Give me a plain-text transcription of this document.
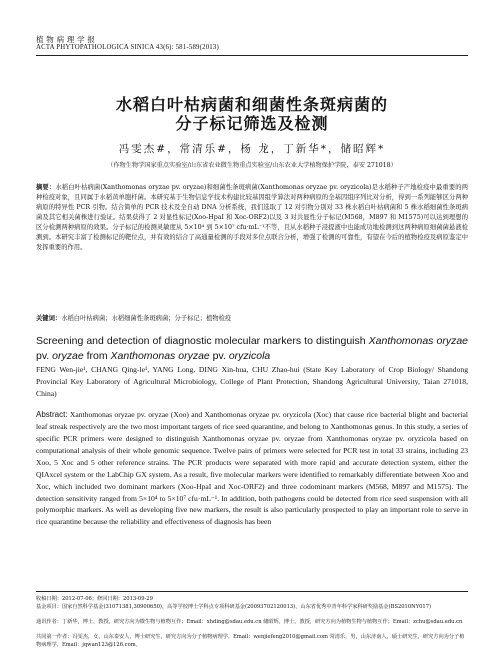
植 物 病 理 学 报
ACTA PHYTOPATHOLOGICA SINICA 43(6): 581-589(2013)
水稻白叶枯病菌和细菌性条斑病菌的
分子标记筛选及检测
冯雯杰#，常清乐#，杨 龙，丁新华*，储昭辉*
（作物生物学国家重点实验室/山东省农业微生物重点实验室/山东农业大学植物保护学院，泰安 271018）
摘要：水稻白叶枯病菌(Xanthomonas oryzae pv. oryzae)和细菌性条斑病菌(Xanthomonas oryzae pv. oryzicola)是水稻种子产地检疫中最重要的两种检疫对象，且同属于水稻黄单胞杆菌。本研究基于生物信息学技术构建比较基因组学算法对两种病原的全基因组序列比对分析，得到一系列能够区分两种病原的特异性 PCR 引物。结合简单的 PCR 技术及全自动 DNA 分析系统，我们选取了 12 对引物分别对 33 株水稻白叶枯病菌和 5 株水稻细菌性条斑病菌及其它相关菌株进行验证。结果获得了 2 对显性标记(Xoo-HpaI 和 Xoc-ORF2)以及 3 对共显性分子标记(M568，M897 和 M1575)可以达到理想的区分检测两种病原的效果。分子标记的检测灵敏度从 5×10⁴ 到 5×10⁷ cfu·mL⁻¹不等，且从水稻种子浸提液中也能成功地检测到这两种病原细菌菌悬液检测到。本研究丰富了检测标记的靶位点，并有效的结合了高通量检测的手段对多位点联合分析，增强了检测的可靠性，有望在今后的植物检疫及病原鉴定中发挥重要的作用。
关键词：水稻白叶枯病菌；水稻细菌性条斑病菌；分子标记；植物检疫
Screening and detection of diagnostic molecular markers to distinguish Xanthomonas oryzae pv. oryzae from Xanthomonas oryzae pv. oryzicola
FENG Wen-jie¹, CHANG Qing-le¹, YANG Long, DING Xin-hua, CHU Zhao-hui (State Key Laboratory of Crop Biology/ Shandong Provincial Key Laboratory of Agricultural Microbiology, College of Plant Protection, Shandong Agricultural University, Taian 271018, China)
Abstract: Xanthomonas oryzae pv. oryzae (Xoo) and Xanthomonas oryzae pv. oryzicola (Xoc) that cause rice bacterial blight and bacterial leaf streak respectively are the two most important targets of rice seed quarantine, and belong to Xanthomonas genus. In this study, a series of specific PCR primers were designed to distinguish Xanthomonas oryzae pv. oryzae from Xanthomonas oryzae pv. oryzicola based on computational analysis of their whole genomic sequence. Twelve pairs of primers were selected for PCR test in total 33 strains, including 23 Xoo, 5 Xoc and 5 other reference strains. The PCR products were separated with more rapid and accurate detection system, either the QIAxcel system or the LabChip GX system. As a result, five molecular markers were identified to remarkably differentiate between Xoo and Xoc, which included two dominant markers (Xoo-HpaI and Xoc-ORF2) and three codominant markers (M568, M897 and M1575). The detection sensitivity ranged from 5×10⁴ to 5×10⁷ cfu·mL⁻¹. In addition, both pathogens could be detected from rice seed suspension with all polymorphic markers. As well as developing five new markers, the result is also particularly prospected to play an important role to serve in rice quarantine because the reliability and effectiveness of diagnosis has been
收稿日期：2012-07-06；修回日期：2013-09-29
基金项目：国家自然科学基金(31071381,30900650)，高等学校博士学科点专项科研基金(20093702120013)，山东省优秀中青年科学家科研奖励基金(BS2010NY017)
通讯作者：丁新华，博士，教授，研究方向为微生物与植物互作；Email：xhding@sdau.edu.cn 储昭辉，博士，教授，研究方向为植物生物与植物互作；Email：zchu@sdau.edu.cn
共同第一作者：冯雯杰，女，山东泰安人，博士研究生，研究方向为分子植物病理学，Email：wenjiefeng2010@gmail.com 常清乐，男，山东济南人，硕士研究生，研究方向为分子植物病理学，Email：jqwan123@126.com。
